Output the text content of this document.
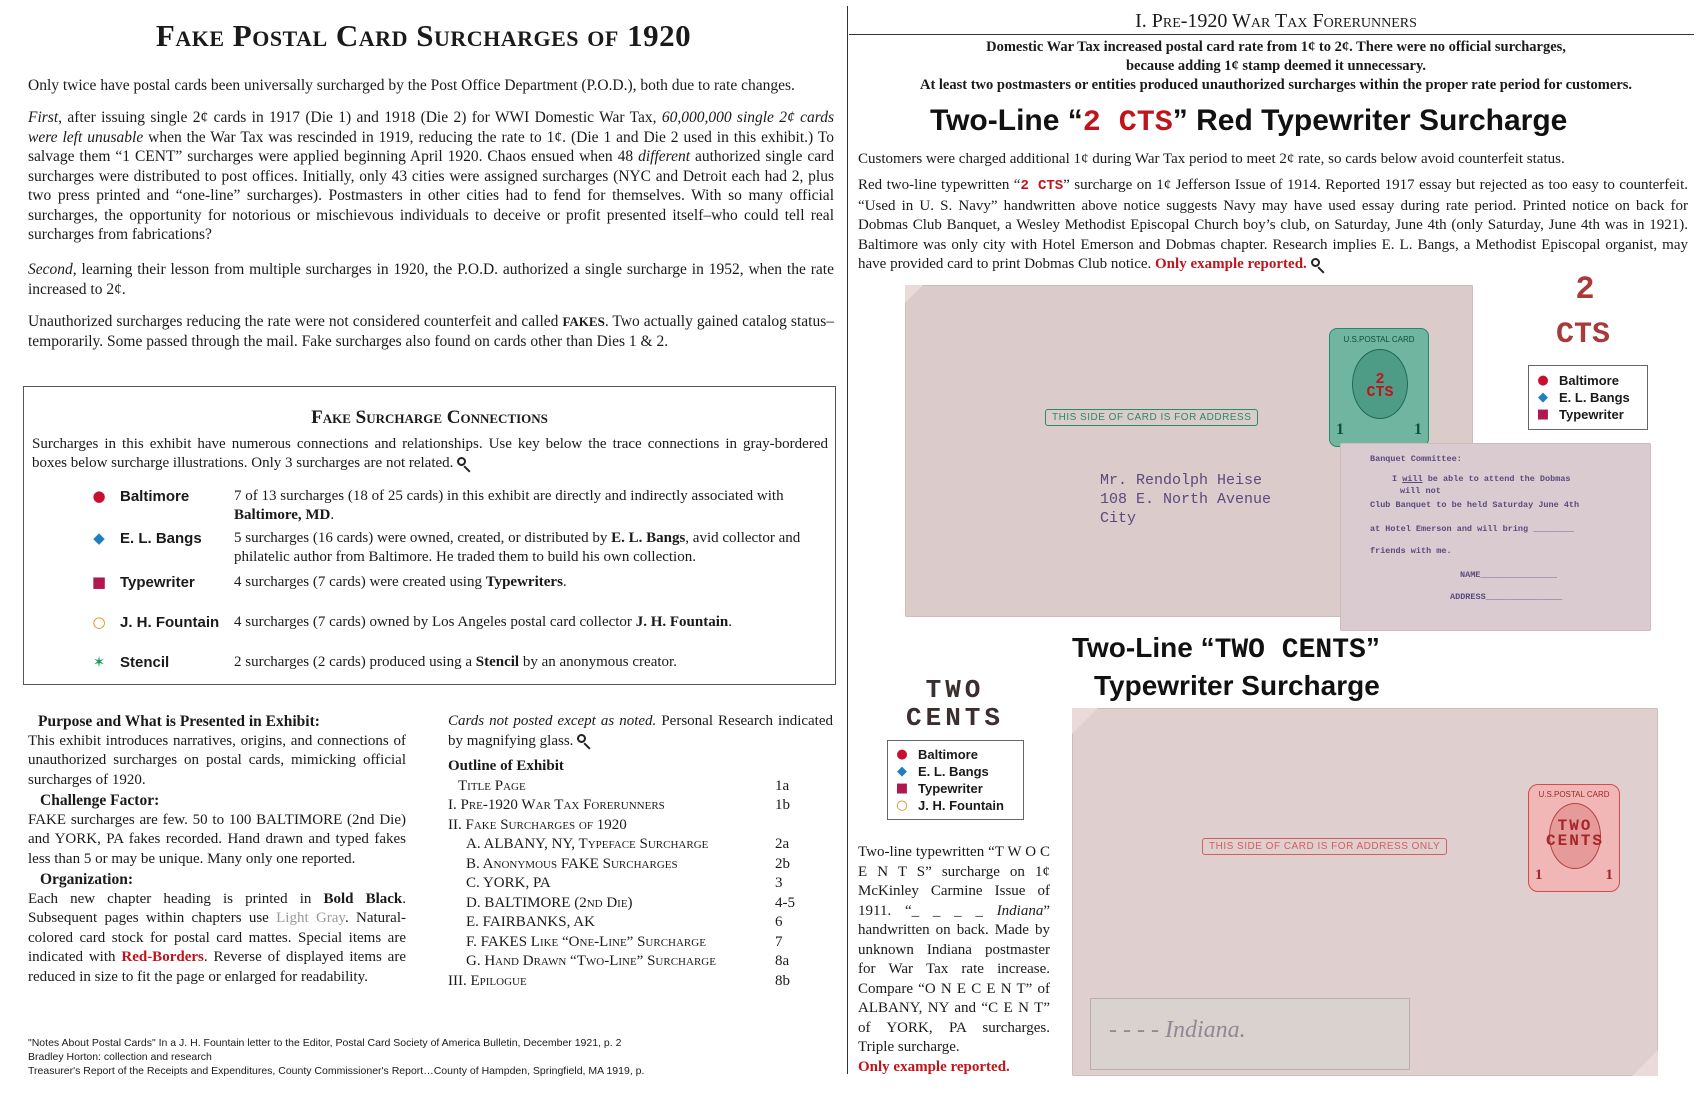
Fake Postal Card Surcharges of 1920

Only twice have postal cards been universally surcharged by the Post Office Department (P.O.D.), both due to rate changes.

First, after issuing single 2¢ cards in 1917 (Die 1) and 1918 (Die 2) for WWI Domestic War Tax, 60,000,000 single 2¢ cards were left unusable when the War Tax was rescinded in 1919, reducing the rate to 1¢. (Die 1 and Die 2 used in this exhibit.) To salvage them “1 CENT” surcharges were applied beginning April 1920. Chaos ensued when 48 different authorized single card surcharges were distributed to post offices. Initially, only 43 cities were assigned surcharges (NYC and Detroit each had 2, plus two press printed and “one-line” surcharges). Postmasters in other cities had to fend for themselves. With so many official surcharges, the opportunity for notorious or mischievous individuals to deceive or profit presented itself–who could tell real surcharges from fabrications?

Second, learning their lesson from multiple surcharges in 1920, the P.O.D. authorized a single surcharge in 1952, when the rate increased to 2¢.

Unauthorized surcharges reducing the rate were not considered counterfeit and called FAKES. Two actually gained catalog status–temporarily. Some passed through the mail. Fake surcharges also found on cards other than Dies 1 & 2.

Fake Surcharge Connections

Surcharges in this exhibit have numerous connections and relationships. Use key below the trace connections in gray-bordered boxes below surcharge illustrations. Only 3 surcharges are not related.

● Baltimore	7 of 13 surcharges (18 of 25 cards) in this exhibit are directly and indirectly associated with Baltimore, MD.
◆ E. L. Bangs 5 surcharges (16 cards) were owned, created, or distributed by E. L. Bangs, avid collector and philatelic author from Baltimore. He traded them to build his own collection.
■ Typewriter	4 surcharges (7 cards) were created using Typewriters.
○ J. H. Fountain 4 surcharges (7 cards) owned by Los Angeles postal card collector J. H. Fountain.
✶ Stencil	2 surcharges (2 cards) produced using a Stencil by an anonymous creator.
Purpose and What is Presented in Exhibit:

This exhibit introduces narratives, origins, and connections of unauthorized surcharges on postal cards, mimicking official surcharges of 1920.

Challenge Factor:

FAKE surcharges are few. 50 to 100 BALTIMORE (2nd Die) and YORK, PA fakes recorded. Hand drawn and typed fakes less than 5 or may be unique. Many only one reported.

Organization:

Each new chapter heading is printed in Bold Black. Subsequent pages within chapters use Light Gray. Natural-colored card stock for postal card mattes. Special items are indicated with Red-Borders. Reverse of displayed items are reduced in size to fit the page or enlarged for readability.

Cards not posted except as noted. Personal Research indicated by magnifying glass.

Outline of Exhibit
Title Page	1a
I. Pre-1920 War Tax Forerunners	1b
II. Fake Surcharges of 1920
A. ALBANY, NY, Typeface Surcharge	2a
B. Anonymous FAKE Surcharges	2b
C. YORK, PA	3
D. BALTIMORE (2nd Die)	4-5
E. FAIRBANKS, AK	6
F. FAKES Like “One-Line” Surcharge	7
G. Hand Drawn “Two-Line” Surcharge	8a
III. Epilogue	8b
"Notes About Postal Cards" In a J. H. Fountain letter to the Editor, Postal Card Society of America Bulletin, December 1921, p. 2
Bradley Horton: collection and research
Treasurer's Report of the Receipts and Expenditures, County Commissioner's Report…County of Hampden, Springfield, MA 1919, p.
I. Pre-1920 War Tax Forerunners
Domestic War Tax increased postal card rate from 1¢ to 2¢. There were no official surcharges,
because adding 1¢ stamp deemed it unnecessary.
At least two postmasters or entities produced unauthorized surcharges within the proper rate period for customers.
Two-Line “2 CTS” Red Typewriter Surcharge

Customers were charged additional 1¢ during War Tax period to meet 2¢ rate, so cards below avoid counterfeit status.

Red two-line typewritten “2 CTS” surcharge on 1¢ Jefferson Issue of 1914. Reported 1917 essay but rejected as too easy to counterfeit. “Used in U. S. Navy” handwritten above notice suggests Navy may have used essay during rate period. Printed notice on back for Dobmas Club Banquet, a Wesley Methodist Episcopal Church boy’s club, on Saturday, June 4th (only Saturday, June 4th was in 1921). Baltimore was only city with Hotel Emerson and Dobmas chapter. Research implies E. L. Bangs, a Methodist Episcopal organist, may have provided card to print Dobmas Club notice. Only example reported.

U.S.POSTAL CARD
2
CTS
1	1
THIS SIDE OF CARD IS FOR ADDRESS
Mr. Rendolph Heise
108 E. North Avenue
City
2
CTS
● Baltimore
◆ E. L. Bangs
■ Typewriter
Banquet Committee:
I will be able to attend the Dobmas
will not
Club Banquet to be held Saturday June 4th
at Hotel Emerson and will bring ________
friends with me.
NAME_______________
ADDRESS_______________
Two-Line “TWO CENTS”
Typewriter Surcharge
TWO
CENTS
● Baltimore
◆ E. L. Bangs
■ Typewriter
○ J. H. Fountain

Two-line typewritten “T W O C E N T S” surcharge on 1¢ McKinley Carmine Issue of 1911. “_ _ _ _ Indiana” handwritten on back. Made by unknown Indiana postmaster for War Tax rate increase. Compare “O N E C E N T” of ALBANY, NY and “C E N T” of YORK, PA surcharges. Triple surcharge.
Only example reported.

U.S.POSTAL CARD
TWO
CENTS
1	1
THIS SIDE OF CARD IS FOR ADDRESS ONLY
- - - - Indiana.
